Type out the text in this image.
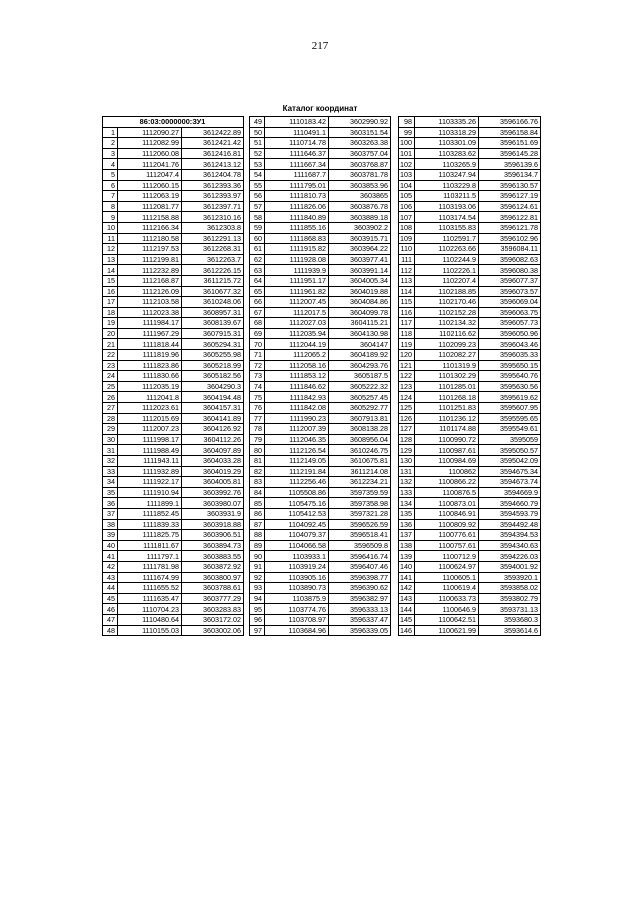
217
Каталог координат
86:03:0000000:ЗУ1		
1	1112090.27	3612422.89
2	1112082.99	3612421.42
3	1112060.08	3612416.81
4	1112041.76	3612413.12
5	1112047.4	3612404.78
6	1112060.15	3612393.36
7	1112063.19	3612393.97
8	1112081.77	3612397.71
9	1112158.88	3612310.16
10	1112166.34	3612303.8
11	1112180.58	3612291.13
12	1112197.53	3612268.31
13	1112199.81	3612263.7
14	1112232.89	3612226.15
15	1112168.87	3611215.72
16	1112126.09	3610677.32
17	1112103.58	3610248.06
18	1112023.38	3608957.31
19	1111984.17	3608139.67
20	1111967.29	3607915.31
21	1111818.44	3605294.31
22	1111819.96	3605255.98
23	1111823.86	3605218.99
24	1111830.66	3605182.56
25	1112035.19	3604290.3
26	1112041.8	3604194.48
27	1112023.61	3604157.31
28	1112015.69	3604141.89
29	1112007.23	3604126.92
30	1111998.17	3604112.26
31	1111988.49	3604097.89
32	1111943.11	3604033.28
33	1111932.89	3604019.29
34	1111922.17	3604005.81
35	1111910.94	3603992.76
36	1111899.1	3603980.07
37	1111852.45	3603931.9
38	1111839.33	3603918.88
39	1111825.75	3603906.51
40	1111811.67	3603894.73
41	1111797.1	3603883.55
42	1111781.98	3603872.92
43	1111674.99	3603800.97
44	1111655.52	3603788.61
45	1111635.47	3603777.29
46	1110704.23	3603283.83
47	1110480.64	3603172.02
48	1110155.03	3603002.06
49	1110183.42	3602990.92
50	1110491.1	3603151.54
51	1110714.78	3603263.38
52	1111646.37	3603757.04
53	1111667.34	3603768.87
54	1111687.7	3603781.78
55	1111795.01	3603853.96
56	1111810.73	3603865
57	1111826.06	3603876.78
58	1111840.89	3603889.18
59	1111855.16	3603902.2
60	1111868.83	3603915.71
61	1111915.82	3603964.22
62	1111928.08	3603977.41
63	1111939.9	3603991.14
64	1111951.17	3604005.34
65	1111961.82	3604019.88
66	1112007.45	3604084.86
67	1112017.5	3604099.78
68	1112027.03	3604115.21
69	1112035.94	3604130.98
70	1112044.19	3604147
71	1112065.2	3604189.92
72	1112058.16	3604293.76
73	1111853.12	3605187.5
74	1111846.62	3605222.32
75	1111842.93	3605257.45
76	1111842.08	3605292.77
77	1111990.23	3607913.81
78	1112007.39	3608138.28
79	1112046.35	3608956.04
80	1112126.54	3610246.75
81	1112149.05	3610675.81
82	1112191.84	3611214.08
83	1112256.46	3612234.21
84	1105508.86	3597359.59
85	1105475.16	3597358.98
86	1105412.53	3597321.28
87	1104092.45	3596526.59
88	1104079.37	3596518.41
89	1104066.58	3596509.8
90	1103933.1	3596416.74
91	1103919.24	3596407.46
92	1103905.16	3596398.77
93	1103890.73	3596390.62
94	1103875.9	3596382.97
95	1103774.76	3596333.13
96	1103708.97	3596337.47
97	1103684.96	3596339.05
98	1103335.26	3596166.76
99	1103318.29	3596158.84
100	1103301.09	3596151.69
101	1103283.62	3596145.28
102	1103265.9	3596139.6
103	1103247.94	3596134.7
104	1103229.8	3596130.57
105	1103211.5	3596127.19
106	1103193.06	3596124.61
107	1103174.54	3596122.81
108	1103155.83	3596121.78
109	1102591.7	3596102.96
110	1102263.66	3596084.11
111	1102244.9	3596082.63
112	1102226.1	3596080.38
113	1102207.4	3596077.37
114	1102188.85	3596073.57
115	1102170.46	3596069.04
116	1102152.28	3596063.75
117	1102134.32	3596057.73
118	1102116.62	3596050.96
119	1102099.23	3596043.46
120	1102082.27	3596035.33
121	1101319.9	3595650.15
122	1101302.29	3595640.76
123	1101285.01	3595630.56
124	1101268.18	3595619.62
125	1101251.83	3595607.95
126	1101236.12	3595595.65
127	1101174.88	3595549.61
128	1100990.72	3595059
129	1100987.61	3595050.57
130	1100984.69	3595042.09
131	1100862	3594675.34
132	1100866.22	3594673.74
133	1100876.5	3594669.9
134	1100873.01	3594660.79
135	1100846.91	3594593.79
136	1100809.92	3594492.48
137	1100776.61	3594394.53
138	1100757.61	3594340.63
139	1100712.9	3594226.03
140	1100624.97	3594001.92
141	1100605.1	3593920.1
142	1100619.4	3593858.02
143	1100633.73	3593802.79
144	1100646.9	3593731.13
145	1100642.51	3593680.3
146	1100621.99	3593614.6
